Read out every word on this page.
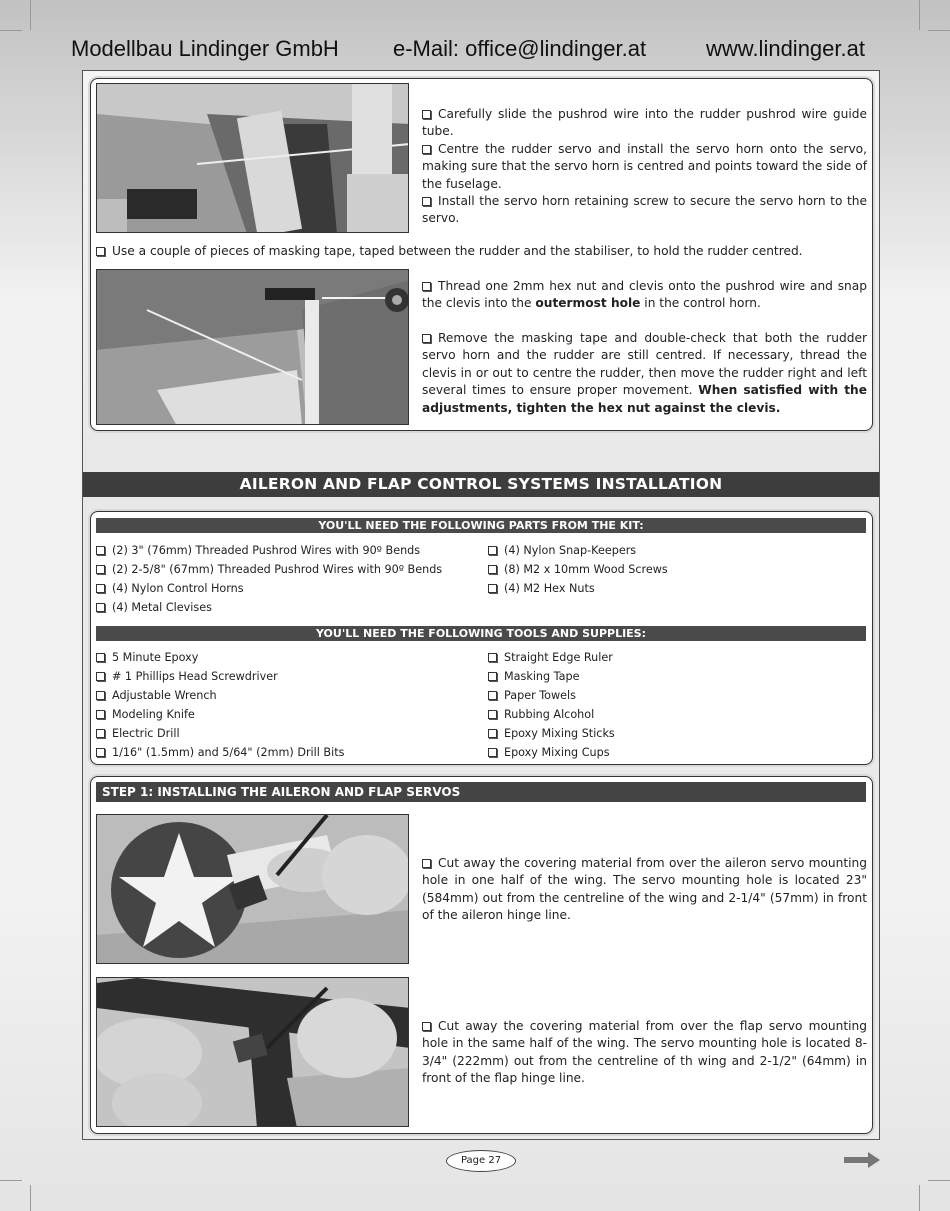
Modellbau Lindinger GmbH e-Mail: office@lindinger.at	www.lindinger.at
Carefully slide the pushrod wire into the rudder pushrod wire guide tube.
Centre the rudder servo and install the servo horn onto the servo, making sure that the servo horn is centred and points toward the side of the fuselage.
Install the servo horn retaining screw to secure the servo horn to the servo.
Use a couple of pieces of masking tape, taped between the rudder and the stabiliser, to hold the rudder centred.
Thread one 2mm hex nut and clevis onto the pushrod wire and snap the clevis into the outermost hole in the control horn.
Remove the masking tape and double-check that both the rudder servo horn and the rudder are still centred. If necessary, thread the clevis in or out to centre the rudder, then move the rudder right and left several times to ensure proper movement. When satisfied with the adjustments, tighten the hex nut against the clevis.
AILERON AND FLAP CONTROL SYSTEMS INSTALLATION
YOU'LL NEED THE FOLLOWING PARTS FROM THE KIT:
(2) 3" (76mm) Threaded Pushrod Wires with 90º Bends
(2) 2-5/8" (67mm) Threaded Pushrod Wires with 90º Bends
(4) Nylon Control Horns
(4) Metal Clevises
(4) Nylon Snap-Keepers
(8) M2 x 10mm Wood Screws
(4) M2 Hex Nuts
YOU'LL NEED THE FOLLOWING TOOLS AND SUPPLIES:
5 Minute Epoxy
# 1 Phillips Head Screwdriver
Adjustable Wrench
Modeling Knife
Electric Drill
1/16" (1.5mm) and 5/64" (2mm) Drill Bits
Straight Edge Ruler
Masking Tape
Paper Towels
Rubbing Alcohol
Epoxy Mixing Sticks
Epoxy Mixing Cups
STEP 1: INSTALLING THE AILERON AND FLAP SERVOS
Cut away the covering material from over the aileron servo mounting hole in one half of the wing. The servo mounting hole is located 23" (584mm) out from the centreline of the wing and 2-1/4" (57mm) in front of the aileron hinge line.
Cut away the covering material from over the flap servo mounting hole in the same half of the wing. The servo mounting hole is located 8-3/4" (222mm) out from the centreline of th wing and 2-1/2" (64mm) in front of the flap hinge line.
Page 27
